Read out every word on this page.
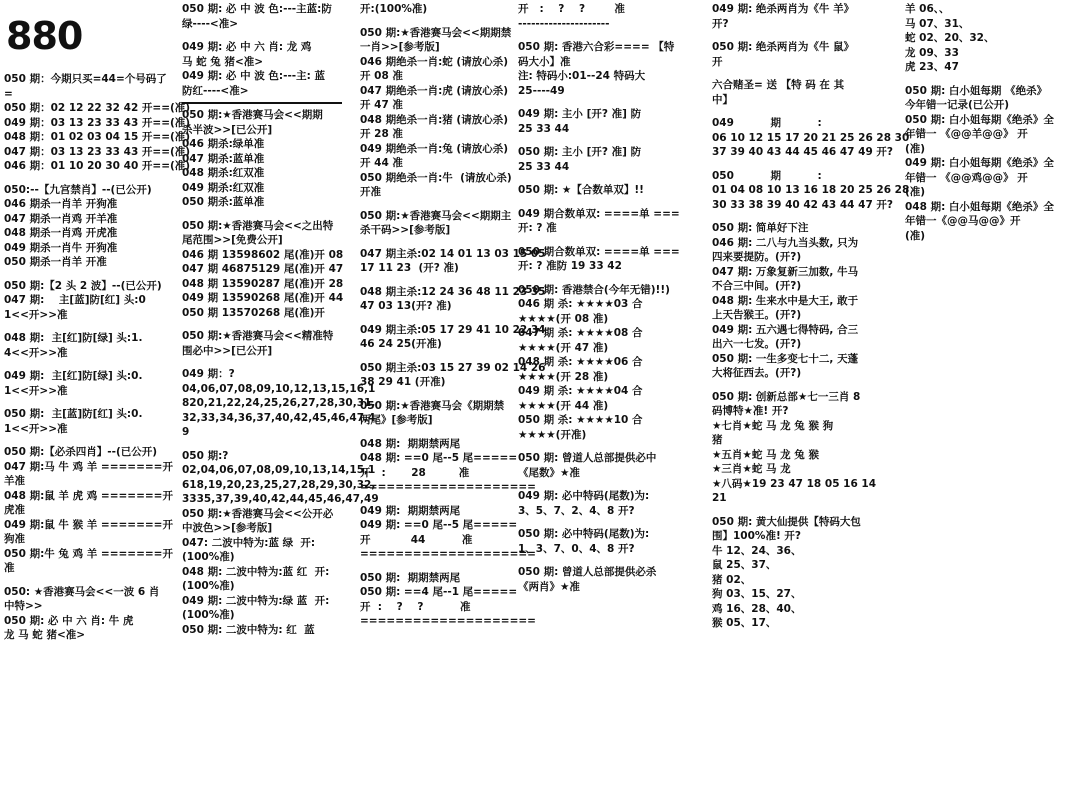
880
050 期：今期只买=44=个号码了
=
050 期：02 12 22 32 42 开==(准)
049 期：03 13 23 33 43 开==(准)
048 期：01 02 03 04 15 开==(准)
047 期：03 13 23 33 43 开==(准)
046 期：01 10 20 30 40 开==(准)
050:--【九宫禁肖】--(已公开)
046 期杀一肖羊 开狗准
047 期杀一肖鸡 开羊准
048 期杀一肖鸡 开虎准
049 期杀一肖牛 开狗准
050 期杀一肖羊 开准
050 期:【2 头 2 波】--(已公开)
047 期:    主[蓝]防[红] 头:0
1<<开>>准
048 期:  主[红]防[绿] 头:1.
4<<开>>准
049 期:  主[红]防[绿] 头:0.
1<<开>>准
050 期:  主[蓝]防[红] 头:0.
1<<开>>准
050 期:【必杀四肖】--(已公开)
047 期:马 牛 鸡 羊 =======开
羊准
048 期:鼠 羊 虎 鸡 =======开
虎准
049 期:鼠 牛 猴 羊 =======开
狗准
050 期:牛 兔 鸡 羊 =======开
准
050: ★香港赛马会<<一波 6 肖
中特>>
050 期: 必 中 六 肖: 牛 虎
龙 马 蛇 猪<准>
050 期: 必 中 波 色:---主蓝:防
绿----<准>
049 期: 必 中 六 肖: 龙 鸡
马 蛇 兔 猪<准>
049 期: 必 中 波 色:---主: 蓝
防红----<准>
050 期:★香港赛马会<<期期
杀半波>>[已公开]
046 期杀:绿单准
047 期杀:蓝单准
048 期杀:红双准
049 期杀:红双准
050 期杀:蓝单准
050 期:★香港赛马会<<之出特
尾范围>>[免费公开]
046 期 13598602 尾(准)开 08
047 期 46875129 尾(准)开 47
048 期 13590287 尾(准)开 28
049 期 13590268 尾(准)开 44
050 期 13570268 尾(准)开
050 期:★香港赛马会<<精准特
围必中>>[已公开]
049 期：?
04,06,07,08,09,10,12,13,15,16,1
820,21,22,24,25,26,27,28,30,31,
32,33,34,36,37,40,42,45,46,47,4
9
050 期:?
02,04,06,07,08,09,10,13,14,15,1
618,19,20,23,25,27,28,29,30,32,
3335,37,39,40,42,44,45,46,47,49
050 期:★香港赛马会<<公开必
中波色>>[参考版]
047: 二波中特为:蓝 绿  开:
(100%准)
048 期: 二波中特为:蓝 红  开:
(100%准)
049 期: 二波中特为:绿 蓝  开:
(100%准)
050 期: 二波中特为: 红  蓝
开:(100%准)
050 期:★香港赛马会<<期期禁
一肖>>[参考版]
046 期绝杀一肖:蛇 (请放心杀)
开 08 准
047 期绝杀一肖:虎 (请放心杀)
开 47 准
048 期绝杀一肖:猪 (请放心杀)
开 28 准
049 期绝杀一肖:兔 (请放心杀)
开 44 准
050 期绝杀一肖:牛  (请放心杀)
开准
050 期:★香港赛马会<<期期主
杀干码>>[参考版]
047 期主杀:02 14 01 13 03 15 05
17 11 23  (开? 准)
048 期主杀:12 24 36 48 11 23 35
47 03 13(开? 准)
049 期主杀:05 17 29 41 10 22 34
46 24 25(开准)
050 期主杀:03 15 27 39 02 14 26
38 29 41 (开准)
050 期:★香港赛马会《期期禁
两尾》[参考版]
048 期:  期期禁两尾
048 期: ==0 尾--5 尾=====
开   :       28         准
====================
049 期:  期期禁两尾
049 期: ==0 尾--5 尾=====
开           44          准
====================
050 期:  期期禁两尾
050 期: ==4 尾--1 尾=====
开  :    ?    ?          准
====================
开   :    ?    ?        准
---------------------
050 期: 香港六合彩==== 【特
码大小】准
注: 特码小:01--24 特码大
25----49
049 期: 主小 [开? 准] 防
25 33 44
050 期: 主小 [开? 准] 防
25 33 44
050 期: ★【合数单双】!!
049 期合数单双: ====单 ===
开: ? 准
050 期合数单双: ====单 ===
开: ? 准防 19 33 42
050 期: 香港禁合(今年无错)!!)
046 期 杀: ★★★★03 合
★★★★(开 08 准)
047 期 杀: ★★★★08 合
★★★★(开 47 准)
048 期 杀: ★★★★06 合
★★★★(开 28 准)
049 期 杀: ★★★★04 合
★★★★(开 44 准)
050 期 杀: ★★★★10 合
★★★★(开准)
050 期: 曾道人总部提供必中
《尾数》★准
049 期: 必中特码(尾数)为:
3、5、7、2、4、8 开?
050 期: 必中特码(尾数)为:
1、3、7、0、4、8 开?
050 期: 曾道人总部提供必杀
《两肖》★准
049 期: 绝杀两肖为《牛 羊》
开?
050 期: 绝杀两肖为《牛 鼠》
开
六合赌圣= 送 【特 码 在 其
中】
049          期          :
06 10 12 15 17 20 21 25 26 28 30
37 39 40 43 44 45 46 47 49 开?
050          期          :
01 04 08 10 13 16 18 20 25 26 28
30 33 38 39 40 42 43 44 47 开?
050 期: 简单好下注
046 期: 二八与九当头数, 只为
四来要提防。(开?)
047 期: 万象复新三加数, 牛马
不合三中间。(开?)
048 期: 生来水中是大王, 敢于
上天告猴王。(开?)
049 期: 五六遇七得特码, 合三
出六一七发。(开?)
050 期: 一生多变七十二, 天蓬
大将征西去。(开?)
050 期: 创新总部★七一三肖 8
码博特★准! 开?
★七肖★蛇 马 龙 兔 猴 狗
猪
★五肖★蛇 马 龙 兔 猴
★三肖★蛇 马 龙
★八码★19 23 47 18 05 16 14
21
050 期: 黄大仙提供【特码大包
围】100%准! 开?
牛 12、24、36、
鼠 25、37、
猪 02、
狗 03、15、27、
鸡 16、28、40、
猴 05、17、
羊 06、、
马 07、31、
蛇 02、20、32、
龙 09、33
虎 23、47
050 期: 白小姐每期 《绝杀》
今年错一记录(已公开)
050 期: 白小姐每期《绝杀》全
年错一 《@@羊@@》 开
(准)
049 期: 白小姐每期《绝杀》全
年错一 《@@鸡@@》 开
(准)
048 期: 白小姐每期《绝杀》全
年错一《@@马@@》开
(准)
